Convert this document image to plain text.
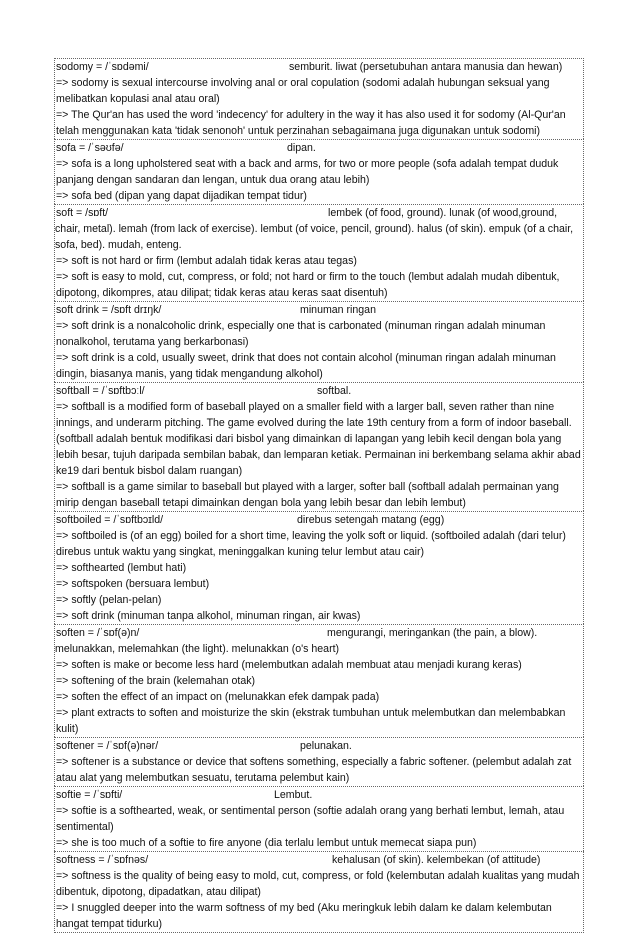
sodomy = /ˈsɒdəmi/	semburit. liwat (persetubuhan antara manusia dan hewan)
=> sodomy is sexual intercourse involving anal or oral copulation (sodomi adalah hubungan seksual yang melibatkan kopulasi anal atau oral)
=> The Qur'an has used the word 'indecency' for adultery in the way it has also used it for sodomy (Al-Qur'an telah menggunakan kata 'tidak senonoh' untuk perzinahan sebagaimana juga digunakan untuk sodomi)
sofa = /ˈsəʊfə/	dipan.
=> sofa is a long upholstered seat with a back and arms, for two or more people (sofa adalah tempat duduk panjang dengan sandaran dan lengan, untuk dua orang atau lebih)
=> sofa bed (dipan yang dapat dijadikan tempat tidur)
soft = /sɒft/	lembek (of food, ground). lunak (of wood,ground, chair, metal). lemah (from lack of exercise). lembut (of voice, pencil, ground). halus (of skin). empuk (of a chair, sofa, bed). mudah, enteng.
=> soft is not hard or firm (lembut adalah tidak keras atau tegas)
=> soft is easy to mold, cut, compress, or fold; not hard or firm to the touch (lembut adalah mudah dibentuk, dipotong, dikompres, atau dilipat; tidak keras atau keras saat disentuh)
soft drink = /sɒft drɪŋk/	minuman ringan
=> soft drink is a nonalcoholic drink, especially one that is carbonated (minuman ringan adalah minuman nonalkohol, terutama yang berkarbonasi)
=> soft drink is a cold, usually sweet, drink that does not contain alcohol (minuman ringan adalah minuman dingin, biasanya manis, yang tidak mengandung alkohol)
softball = /ˈsɒftbɔːl/	softbal.
=> softball is a modified form of baseball played on a smaller field with a larger ball, seven rather than nine innings, and underarm pitching. The game evolved during the late 19th century from a form of indoor baseball. (softball adalah bentuk modifikasi dari bisbol yang dimainkan di lapangan yang lebih kecil dengan bola yang lebih besar, tujuh daripada sembilan babak, dan lemparan ketiak. Permainan ini berkembang selama akhir abad ke19 dari bentuk bisbol dalam ruangan)
=> softball is a game similar to baseball but played with a larger, softer ball (softball adalah permainan yang mirip dengan baseball tetapi dimainkan dengan bola yang lebih besar dan lebih lembut)
softboiled = /ˈsɒftbɔɪld/	direbus setengah matang (egg)
=> softboiled is (of an egg) boiled for a short time, leaving the yolk soft or liquid. (softboiled adalah (dari telur) direbus untuk waktu yang singkat, meninggalkan kuning telur lembut atau cair)
=> softhearted (lembut hati)
=> softspoken (bersuara lembut)
=> softly (pelan-pelan)
=> soft drink (minuman tanpa alkohol, minuman ringan, air kwas)
soften = /ˈsɒf(ə)n/	mengurangi, meringankan (the pain, a blow). melunakkan, melemahkan (the light). melunakkan (o's heart)
=> soften is make or become less hard (melembutkan adalah membuat atau menjadi kurang keras)
=> softening of the brain (kelemahan otak)
=> soften the effect of an impact on (melunakkan efek dampak pada)
=> plant extracts to soften and moisturize the skin (ekstrak tumbuhan untuk melembutkan dan melembabkan kulit)
softener = /ˈsɒf(ə)nər/	pelunakan.
=> softener is a substance or device that softens something, especially a fabric softener. (pelembut adalah zat atau alat yang melembutkan sesuatu, terutama pelembut kain)
softie = /ˈsɒfti/	Lembut.
=> softie is a softhearted, weak, or sentimental person (softie adalah orang yang berhati lembut, lemah, atau sentimental)
=> she is too much of a softie to fire anyone (dia terlalu lembut untuk memecat siapa pun)
softness = /ˈsɒfnəs/	kehalusan (of skin). kelembekan (of attitude)
=> softness is the quality of being easy to mold, cut, compress, or fold (kelembutan adalah kualitas yang mudah dibentuk, dipotong, dipadatkan, atau dilipat)
=> I snuggled deeper into the warm softness of my bed (Aku meringkuk lebih dalam ke dalam kelembutan hangat tempat tidurku)
